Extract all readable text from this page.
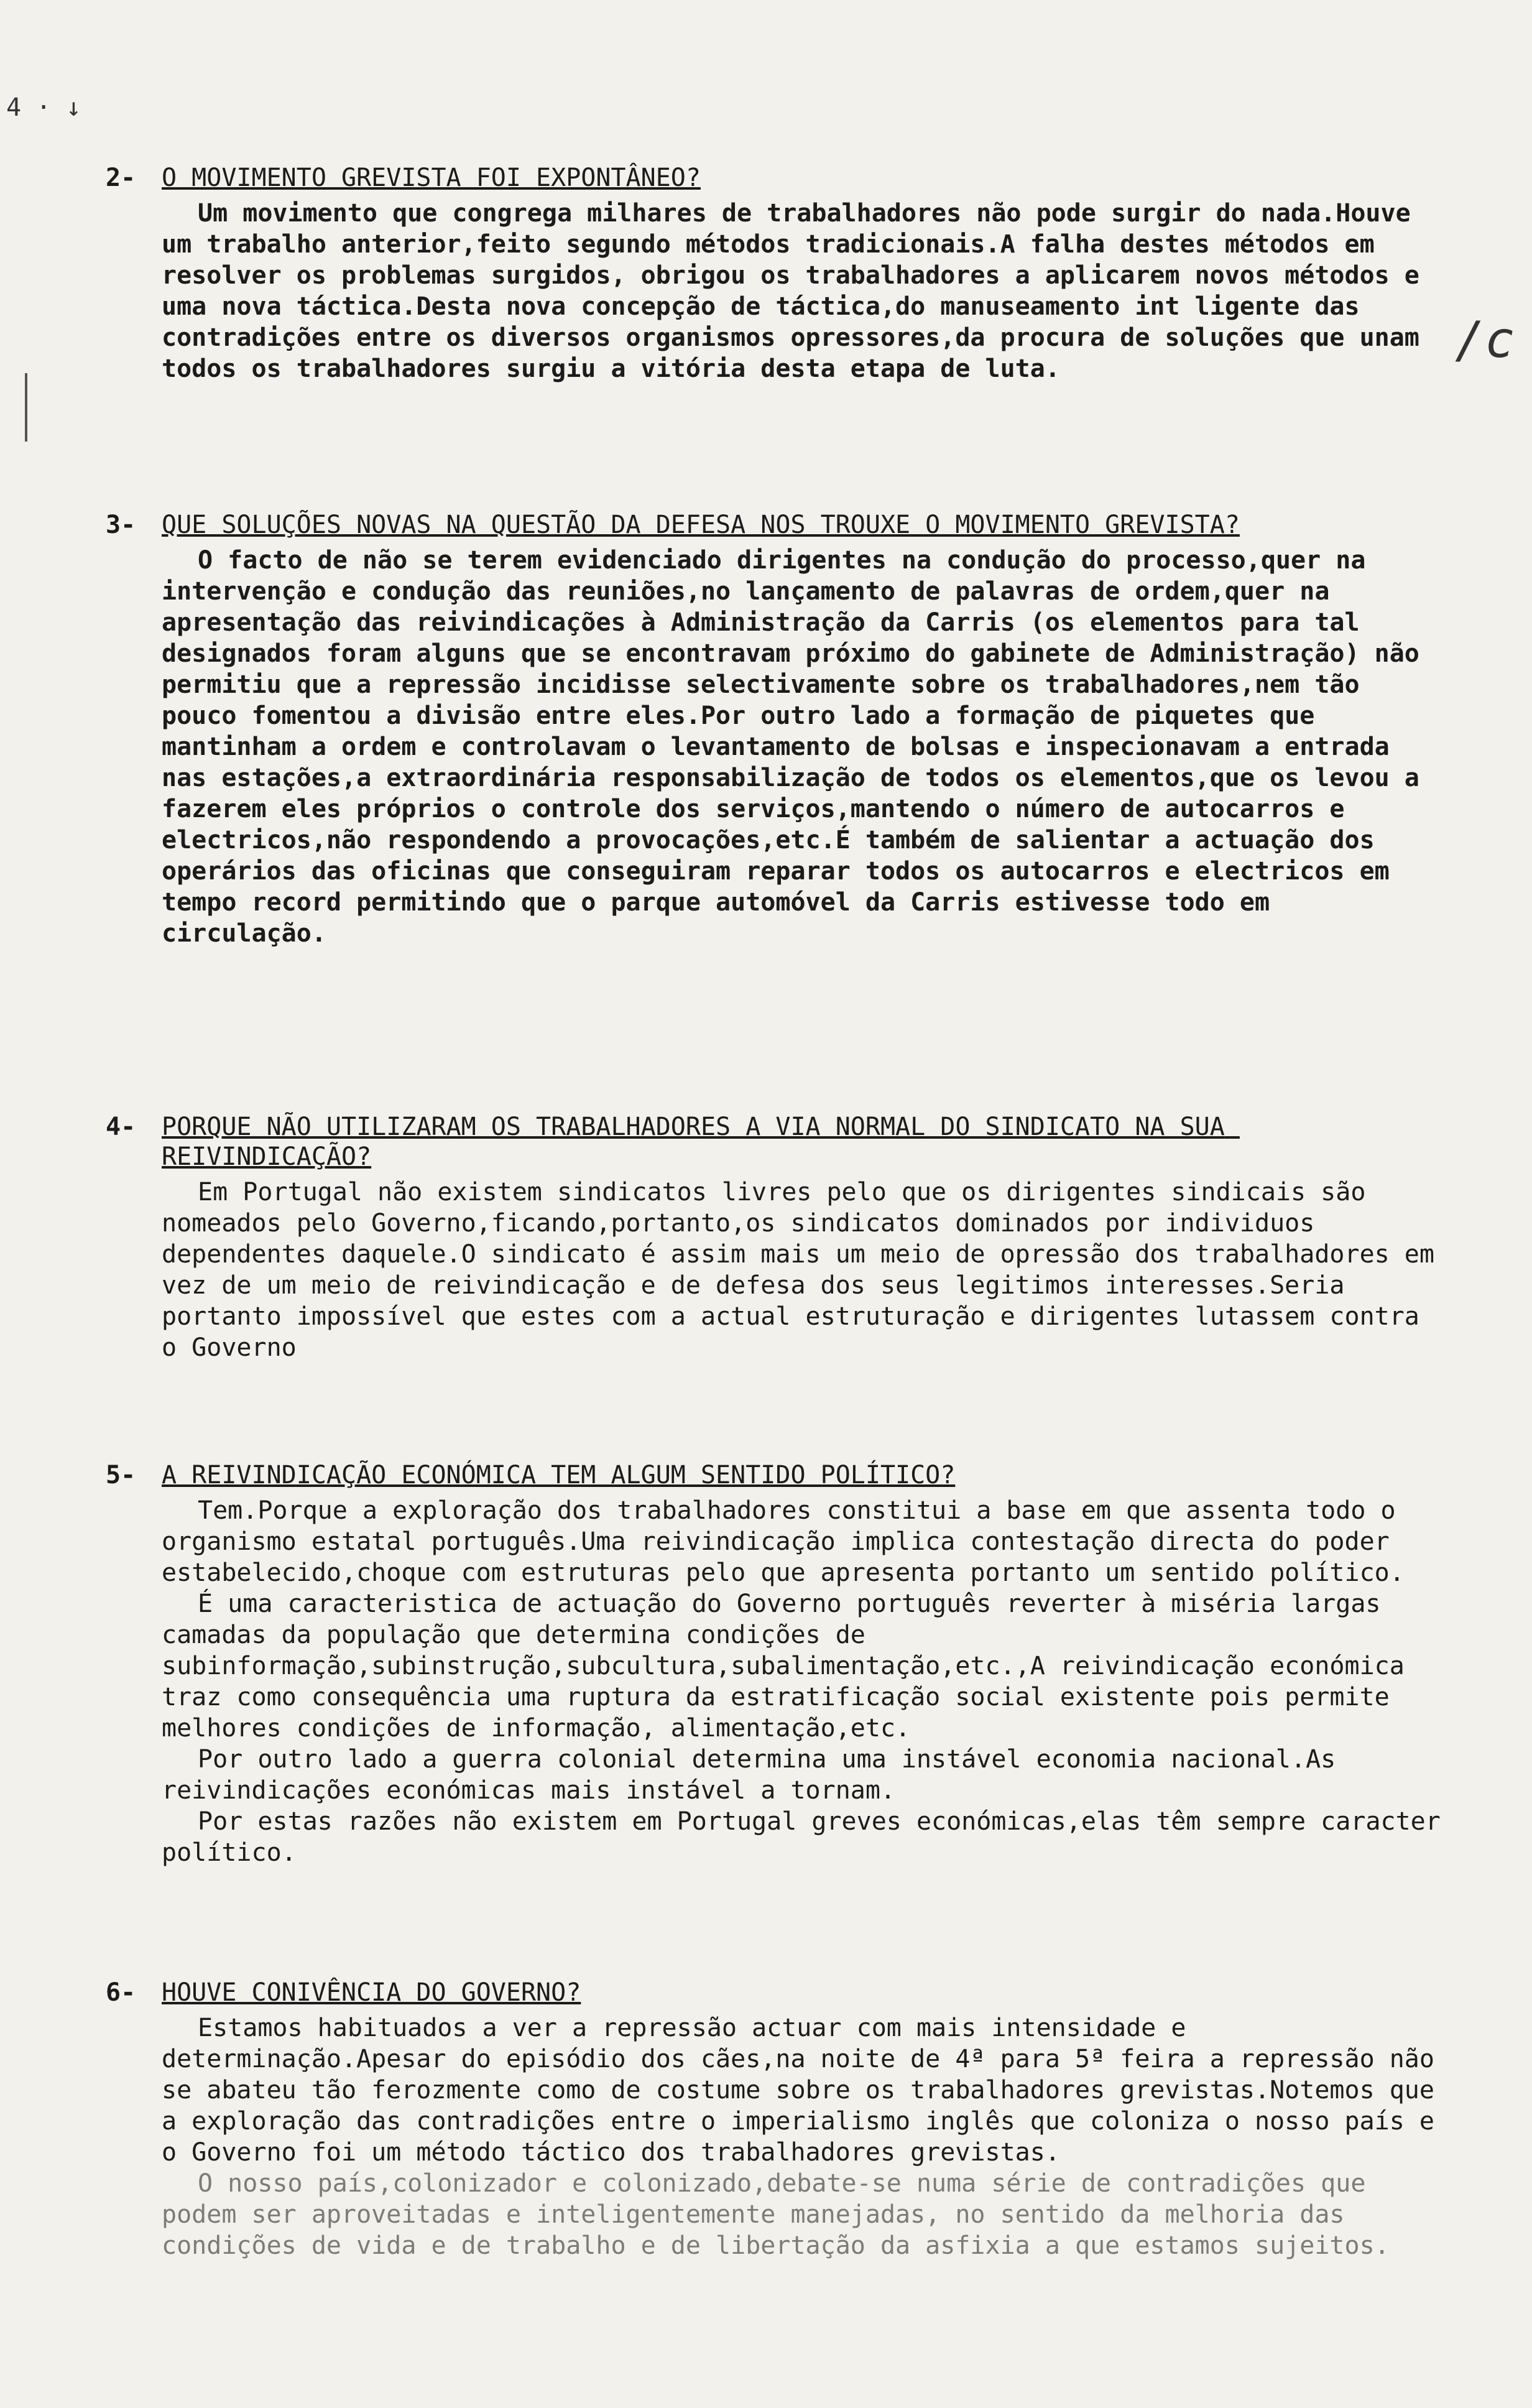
4 · ↓
/c
2-	O MOVIMENTO GREVISTA FOI EXPONTÂNEO?

Um movimento que congrega milhares de trabalhadores não pode surgir do nada.Houve um trabalho anterior,feito segundo métodos tradicionais.A falha destes métodos em resolver os problemas surgidos, obrigou os trabalhadores a aplicarem novos métodos e uma nova táctica.Desta nova concepção de táctica,do manuseamento int ligente das contradições entre os diversos organismos opressores,da procura de soluções que unam todos os trabalhadores surgiu a vitória desta etapa de luta.

3-	QUE SOLUÇÕES NOVAS NA QUESTÃO DA DEFESA NOS TROUXE O MOVIMENTO GREVISTA?

O facto de não se terem evidenciado dirigentes na condução do processo,quer na intervenção e condução das reuniões,no lançamento de palavras de ordem,quer na apresentação das reivindicações à Administração da Carris (os elementos para tal designados foram alguns que se encontravam próximo do gabinete de Administração) não permitiu que a repressão incidisse selectivamente sobre os trabalhadores,nem tão pouco fomentou a divisão entre eles.Por outro lado a formação de piquetes que mantinham a ordem e controlavam o levantamento de bolsas e inspecionavam a entrada nas estações,a extraordinária responsabilização de todos os elementos,que os levou a fazerem eles próprios o controle dos serviços,mantendo o número de autocarros e electricos,não respondendo a provocações,etc.É também de salientar a actuação dos operários das oficinas que conseguiram reparar todos os autocarros e electricos em tempo record permitindo que o parque automóvel da Carris estivesse todo em circulação.

4-	PORQUE NÃO UTILIZARAM OS TRABALHADORES A VIA NORMAL DO SINDICATO NA SUA REIVINDICAÇÃO?

Em Portugal não existem sindicatos livres pelo que os dirigentes sindicais são nomeados pelo Governo,ficando,portanto,os sindicatos dominados por individuos dependentes daquele.O sindicato é assim mais um meio de opressão dos trabalhadores em vez de um meio de reivindicação e de defesa dos seus legitimos interesses.Seria portanto impossível que estes com a actual estruturação e dirigentes lutassem contra o Governo

5-	A REIVINDICAÇÃO ECONÓMICA TEM ALGUM SENTIDO POLÍTICO?

Tem.Porque a exploração dos trabalhadores constitui a base em que assenta todo o organismo estatal português.Uma reivindicação implica contestação directa do poder estabelecido,choque com estruturas pelo que apresenta portanto um sentido político.

É uma caracteristica de actuação do Governo português reverter à miséria largas camadas da população que determina condições de subinformação,subinstrução,subcultura,subalimentação,etc.,A reivindicação económica traz como consequência uma ruptura da estratificação social existente pois permite melhores condições de informação, alimentação,etc.

Por outro lado a guerra colonial determina uma instável economia nacional.As reivindicações económicas mais instável a tornam.

Por estas razões não existem em Portugal greves económicas,elas têm sempre caracter político.

6-	HOUVE CONIVÊNCIA DO GOVERNO?

Estamos habituados a ver a repressão actuar com mais intensidade e determinação.Apesar do episódio dos cães,na noite de 4ª para 5ª feira a repressão não se abateu tão ferozmente como de costume sobre os trabalhadores grevistas.Notemos que a exploração das contradições entre o imperialismo inglês que coloniza o nosso país e o Governo foi um método táctico dos trabalhadores grevistas.

O nosso país,colonizador e colonizado,debate-se numa série de contradições que podem ser aproveitadas e inteligentemente manejadas, no sentido da melhoria das condições de vida e de trabalho e de libertação da asfixia a que estamos sujeitos.
